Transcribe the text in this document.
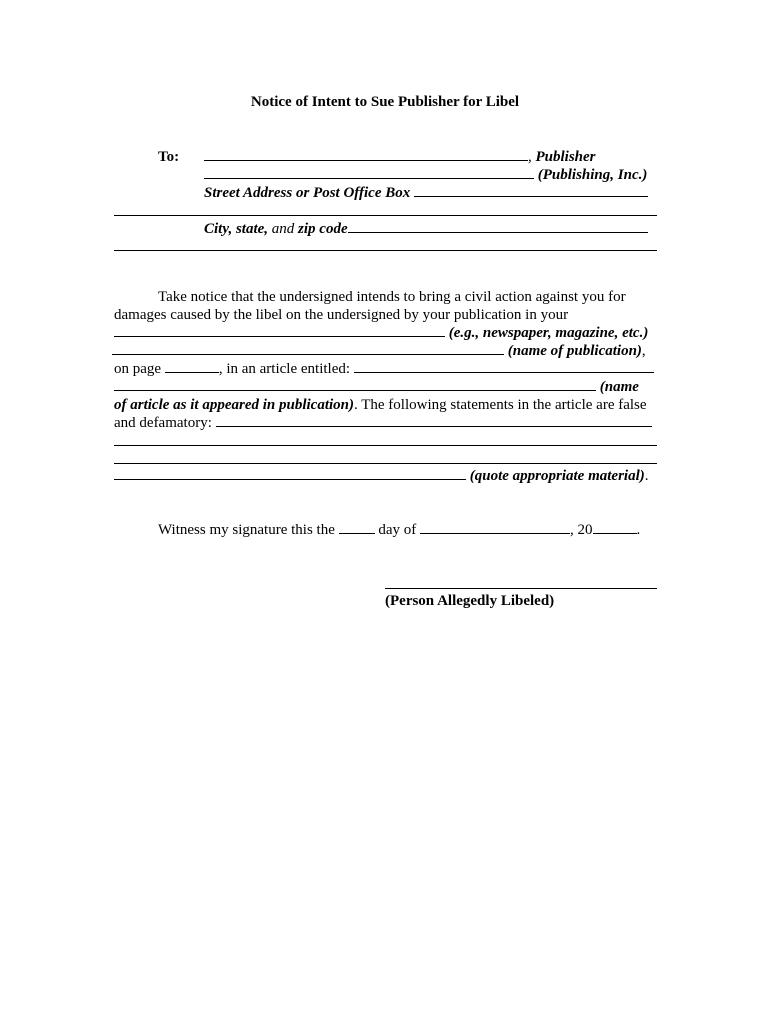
Notice of Intent to Sue Publisher for Libel
To:	, Publisher
(Publishing, Inc.)
Street Address or Post Office Box
City, state, and zip code
Take notice that the undersigned intends to bring a civil action against you for
damages caused by the libel on the undersigned by your publication in your
(e.g., newspaper, magazine, etc.)
(name of publication),
on page	, in an article entitled:
(name
of article as it appeared in publication). The following statements in the article are false
and defamatory:
(quote appropriate material).
Witness my signature this the	day of	, 20	.
(Person Allegedly Libeled)
